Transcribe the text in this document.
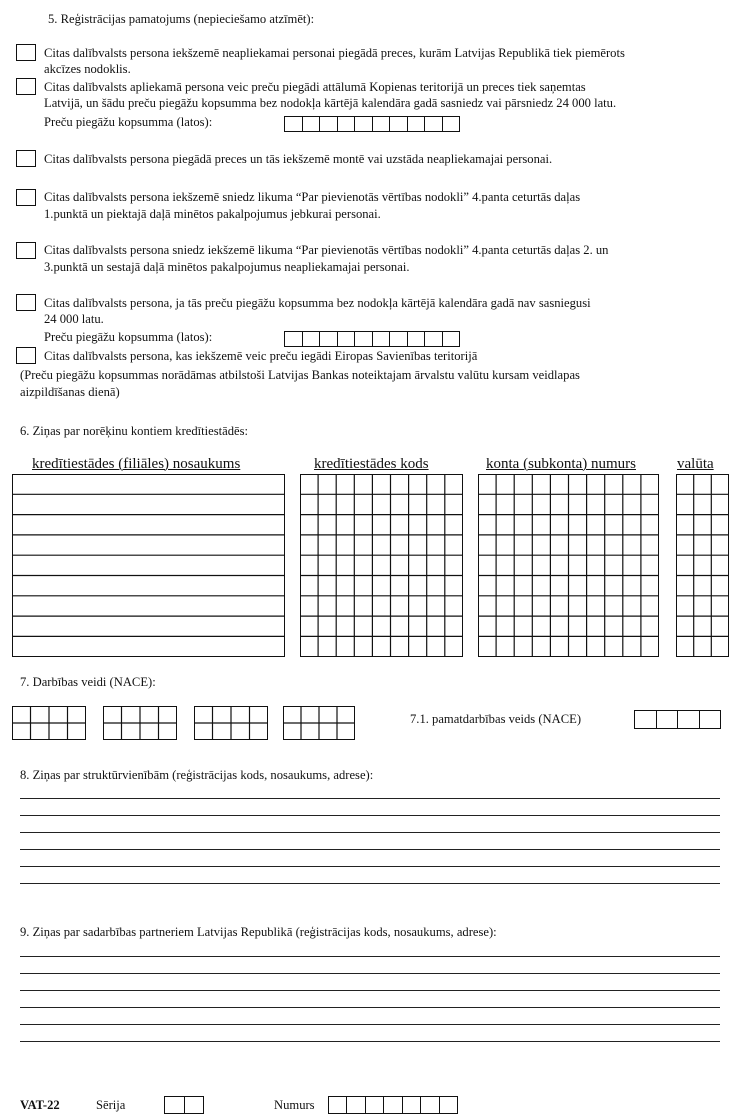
5. Reģistrācijas pamatojums (nepieciešamo atzīmēt):
Citas dalībvalsts persona iekšzemē neapliekamai personai piegādā preces, kurām Latvijas Republikā tiek piemērots
akcīzes nodoklis.
Citas dalībvalsts apliekamā persona veic preču piegādi attālumā Kopienas teritorijā un preces tiek saņemtas
Latvijā, un šādu preču piegāžu kopsumma bez nodokļa kārtējā kalendāra gadā sasniedz vai pārsniedz 24 000 latu.
Preču piegāžu kopsumma (latos):
Citas dalībvalsts persona piegādā preces un tās iekšzemē montē vai uzstāda neapliekamajai personai.
Citas dalībvalsts persona iekšzemē sniedz likuma “Par pievienotās vērtības nodokli” 4.panta ceturtās daļas
1.punktā un piektajā daļā minētos pakalpojumus jebkurai personai.
Citas dalībvalsts persona sniedz iekšzemē likuma “Par pievienotās vērtības nodokli” 4.panta ceturtās daļas 2. un
3.punktā un sestajā daļā minētos pakalpojumus neapliekamajai personai.
Citas dalībvalsts persona, ja tās preču piegāžu kopsumma bez nodokļa kārtējā kalendāra gadā nav sasniegusi
24 000 latu.
Preču piegāžu kopsumma (latos):
Citas dalībvalsts persona, kas iekšzemē veic preču iegādi Eiropas Savienības teritorijā
(Preču piegāžu kopsummas norādāmas atbilstoši Latvijas Bankas noteiktajam ārvalstu valūtu kursam veidlapas
aizpildīšanas dienā)
6. Ziņas par norēķinu kontiem kredītiestādēs:
kredītiestādes (filiāles) nosaukums	kredītiestādes kods	konta (subkonta) numurs	valūta
7. Darbības veidi (NACE):
7.1. pamatdarbības veids (NACE)
8. Ziņas par struktūrvienībām (reģistrācijas kods, nosaukums, adrese):
9. Ziņas par sadarbības partneriem Latvijas Republikā (reģistrācijas kods, nosaukums, adrese):
VAT-22	Sērija	Numurs
